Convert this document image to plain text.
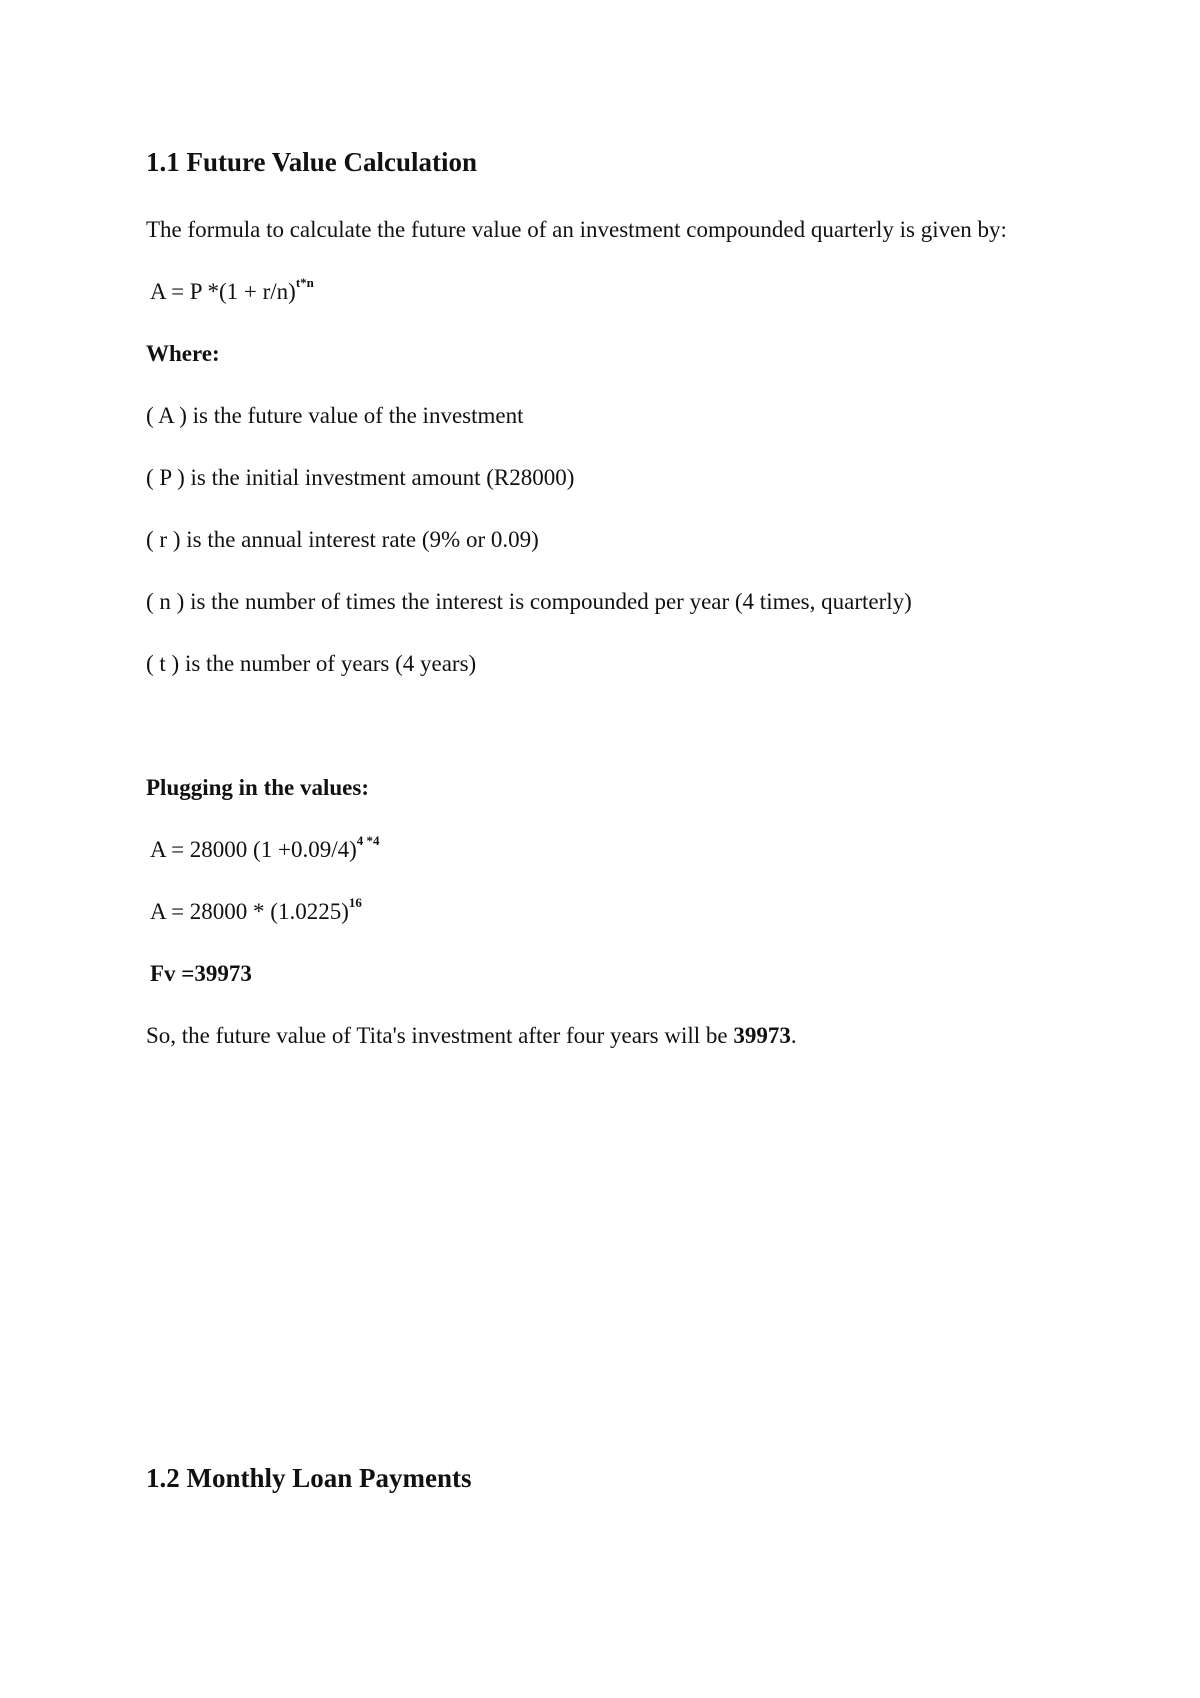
1.1 Future Value Calculation
The formula to calculate the future value of an investment compounded quarterly is given by:
A = P $*(1 + r/n)^{t*n}$
Where:
( A ) is the future value of the investment
( P ) is the initial investment amount (R28000)
( r ) is the annual interest rate (9% or 0.09)
( n ) is the number of times the interest is compounded per year (4 times, quarterly)
( t ) is the number of years (4 years)
Plugging in the values:
A = 28000 $(1 +0.09/4)^{4 *4}$
$A = 28000 * (1.0225)^{16}$
Fv =39973
So, the future value of Tita's investment after four years will be 39973.
1.2 Monthly Loan Payments
